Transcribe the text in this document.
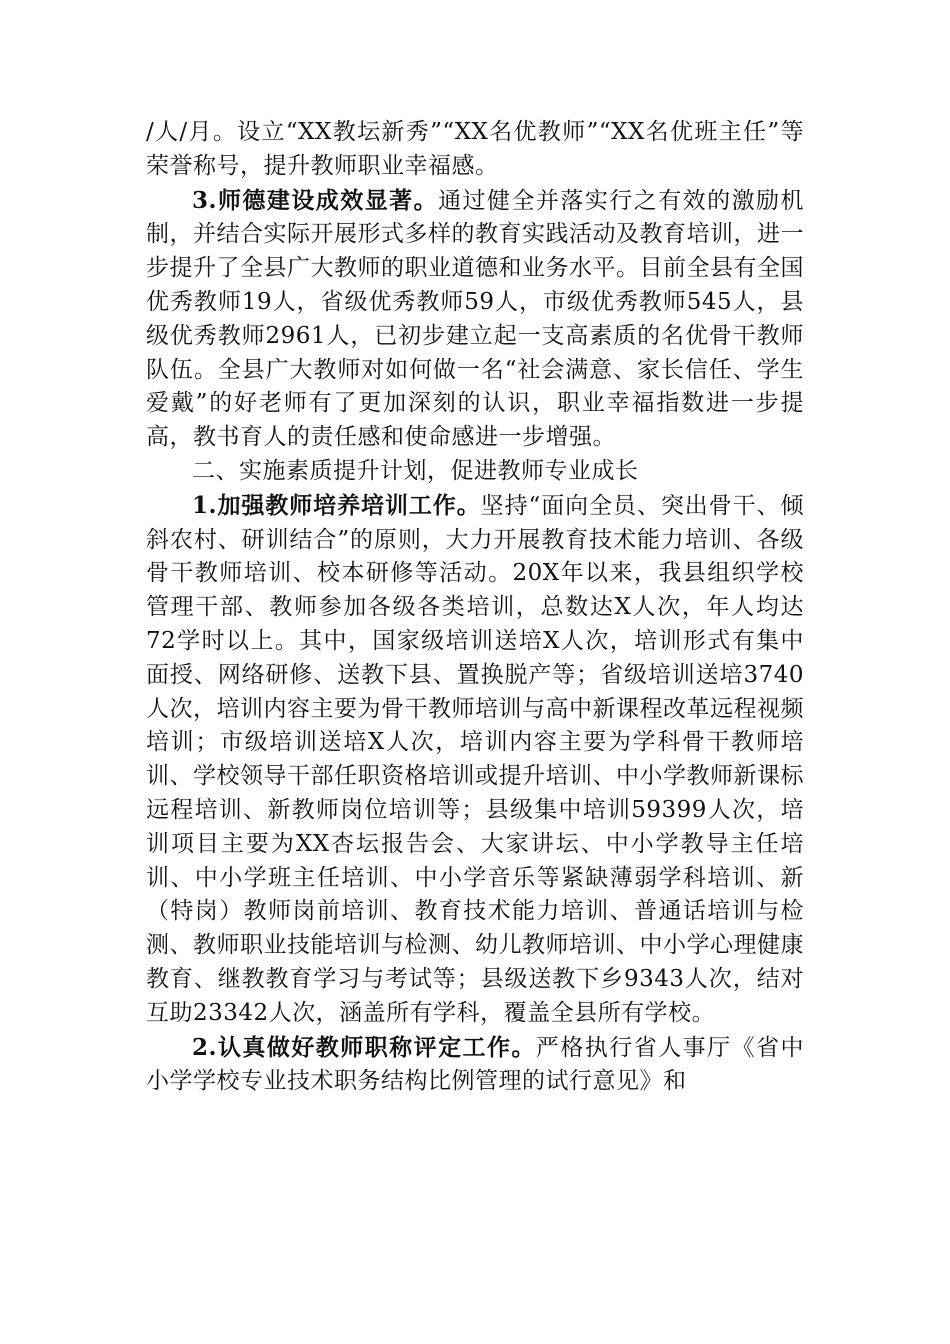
/人/月。设立“XX教坛新秀”“XX名优教师”“XX名优班主任”等荣誉称号，提升教师职业幸福感。

3.师德建设成效显著。通过健全并落实行之有效的激励机制，并结合实际开展形式多样的教育实践活动及教育培训，进一步提升了全县广大教师的职业道德和业务水平。目前全县有全国优秀教师19人，省级优秀教师59人，市级优秀教师545人，县级优秀教师2961人，已初步建立起一支高素质的名优骨干教师队伍。全县广大教师对如何做一名“社会满意、家长信任、学生爱戴”的好老师有了更加深刻的认识，职业幸福指数进一步提高，教书育人的责任感和使命感进一步增强。

二、实施素质提升计划，促进教师专业成长

1.加强教师培养培训工作。坚持“面向全员、突出骨干、倾斜农村、研训结合”的原则，大力开展教育技术能力培训、各级骨干教师培训、校本研修等活动。20X年以来，我县组织学校管理干部、教师参加各级各类培训，总数达X人次，年人均达72学时以上。其中，国家级培训送培X人次，培训形式有集中面授、网络研修、送教下县、置换脱产等；省级培训送培3740人次，培训内容主要为骨干教师培训与高中新课程改革远程视频培训；市级培训送培X人次，培训内容主要为学科骨干教师培训、学校领导干部任职资格培训或提升培训、中小学教师新课标远程培训、新教师岗位培训等；县级集中培训59399人次，培训项目主要为XX杏坛报告会、大家讲坛、中小学教导主任培训、中小学班主任培训、中小学音乐等紧缺薄弱学科培训、新（特岗）教师岗前培训、教育技术能力培训、普通话培训与检测、教师职业技能培训与检测、幼儿教师培训、中小学心理健康教育、继教教育学习与考试等；县级送教下乡9343人次，结对互助23342人次，涵盖所有学科，覆盖全县所有学校。

2.认真做好教师职称评定工作。严格执行省人事厅《省中小学学校专业技术职务结构比例管理的试行意见》和
